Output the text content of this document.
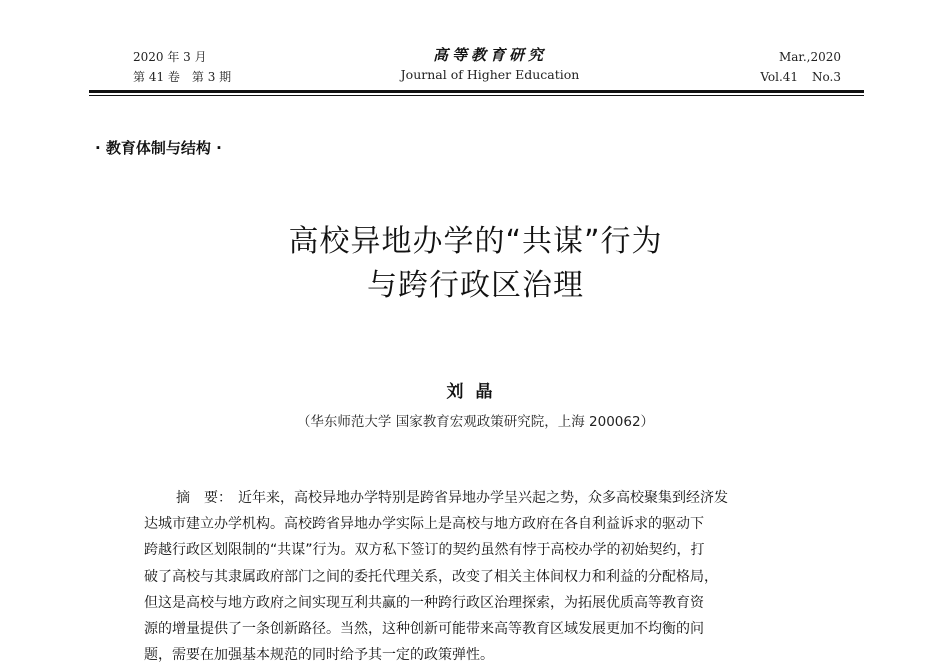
2020 年 3 月
第 41 卷　第 3 期
高等教育研究
Journal of Higher Education
Mar.,2020
Vol.41 No.3
· 教育体制与结构 ·
高校异地办学的“共谋”行为
与跨行政区治理
刘晶
（华东师范大学 国家教育宏观政策研究院，上海 200062）
摘　要： 近年来，高校异地办学特别是跨省异地办学呈兴起之势，众多高校聚集到经济发
达城市建立办学机构。高校跨省异地办学实际上是高校与地方政府在各自利益诉求的驱动下
跨越行政区划限制的“共谋”行为。双方私下签订的契约虽然有悖于高校办学的初始契约，打
破了高校与其隶属政府部门之间的委托代理关系，改变了相关主体间权力和利益的分配格局，
但这是高校与地方政府之间实现互利共赢的一种跨行政区治理探索，为拓展优质高等教育资
源的增量提供了一条创新路径。当然，这种创新可能带来高等教育区域发展更加不均衡的问
题，需要在加强基本规范的同时给予其一定的政策弹性。
